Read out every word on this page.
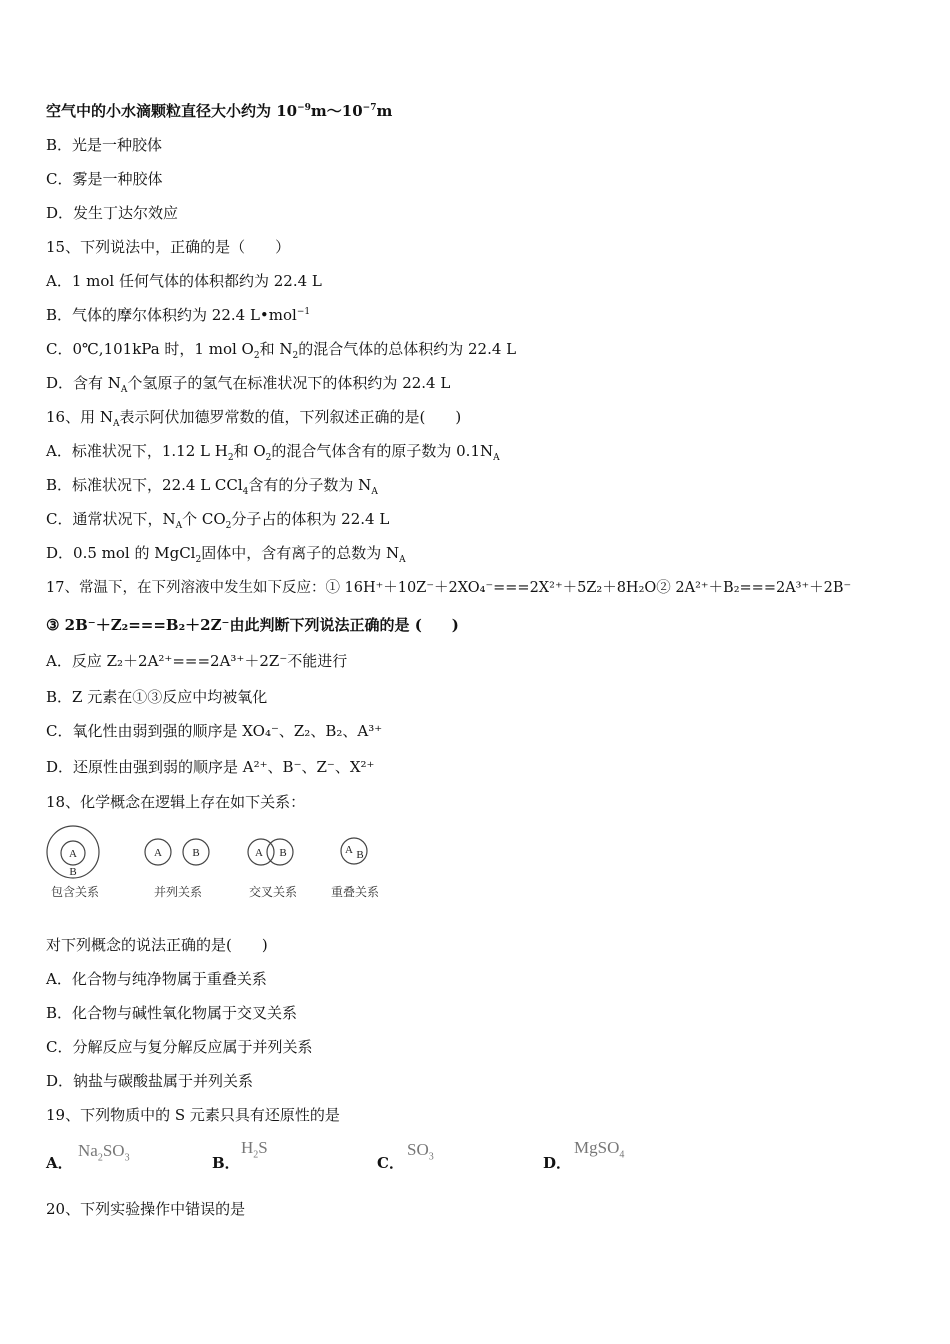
空气中的小水滴颗粒直径大小约为 $10^{-9}m\sim 10^{-7}m$
B．光是一种胶体
C．雾是一种胶体
D．发生丁达尔效应
15、下列说法中，正确的是（　　）
A．1 mol 任何气体的体积都约为 22.4 L
B．气体的摩尔体积约为 22.4 L•mol$^{-1}$
C．0℃,101kPa 时，1 mol $O_2$和 $N_2$的混合气体的总体积约为 22.4 L
D．含有 $N_A$个氢原子的氢气在标准状况下的体积约为 22.4 L
16、用 $N_A$表示阿伏加德罗常数的值，下列叙述正确的是(　　)
A．标准状况下，1.12 L $H_2$和 $O_2$的混合气体含有的原子数为 $0.1N_A$
B．标准状况下，22.4 L CCl$_4$含有的分子数为 $N_A$
C．通常状况下，$N_A$个 $CO_2$分子占的体积为 22.4 L
D．0.5 mol 的 MgCl$_2$固体中，含有离子的总数为 $N_A$
17、常温下，在下列溶液中发生如下反应：① 16H⁺＋10Z⁻＋2XO₄⁻===2X²⁺＋5Z₂＋8H₂O② 2A²⁺＋B₂===2A³⁺＋2B⁻
③ 2B⁻＋Z₂===B₂＋2Z⁻由此判断下列说法正确的是 (　　)
A．反应 Z₂＋2A²⁺===2A³⁺＋2Z⁻不能进行
B．Z 元素在①③反应中均被氧化
C．氧化性由弱到强的顺序是 XO₄⁻、Z₂、B₂、A³⁺
D．还原性由强到弱的顺序是 A²⁺、B⁻、Z⁻、X²⁺
18、化学概念在逻辑上存在如下关系：
A
B
包含关系
A	B
并列关系
A B
交叉关系
A B
重叠关系
对下列概念的说法正确的是(　　)
A．化合物与纯净物属于重叠关系
B．化合物与碱性氧化物属于交叉关系
C．分解反应与复分解反应属于并列关系
D．钠盐与碳酸盐属于并列关系
19、下列物质中的 S 元素只具有还原性的是
A．
$Na_2SO_3$	B．
$H_2S$
C．
$SO_3$	D．
MgSO$_4$
20、下列实验操作中错误的是
